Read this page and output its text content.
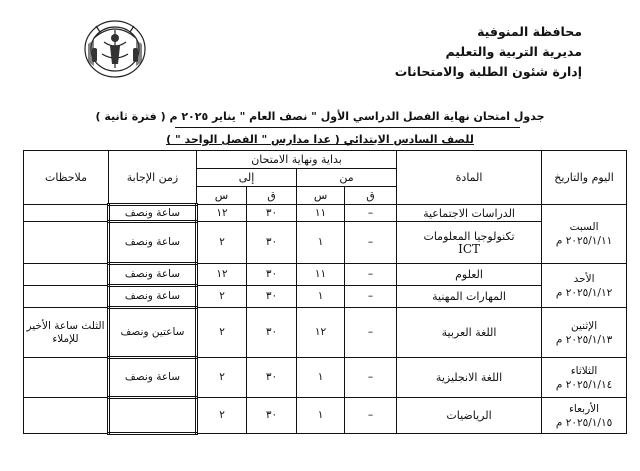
محافظة المنوفية
مديرية التربية والتعليم
إدارة شئون الطلبة والامتحانات
جدول امتحان نهاية الفصل الدراسي الأول " نصف العام " يناير ٢٠٢٥ م ( فترة ثانية )
للصف السادس الابتدائي ( عدا مدارس " الفصل الواحد " )
اليوم والتاريخ	المادة	بداية ونهاية الامتحان				زمن الإجابة	ملاحظات
		من		إلى			
		ق	س	ق	س		

السبت
٢٠٢٥/١/١١ م	الدراسات الاجتماعية	–	١١	٣٠	١٢	ساعة ونصف	

	تكنولوجيا المعلومات
ICT	–	١	٣٠	٢	ساعة ونصف	

الأحد
٢٠٢٥/١/١٢ م	العلوم	–	١١	٣٠	١٢	ساعة ونصف	
	المهارات المهنية	–	١	٣٠	٢	ساعة ونصف	

الإثنين
٢٠٢٥/١/١٣ م	اللغة العربية	–	١٢	٣٠	٢	ساعتين ونصف	الثلث ساعة الأخير للإملاء

الثلاثاء
٢٠٢٥/١/١٤ م	اللغة الانجليزية	–	١	٣٠	٢	ساعة ونصف	

الأربعاء
٢٠٢٥/١/١٥ م	الرياضيات	–	١	٣٠	٢		
